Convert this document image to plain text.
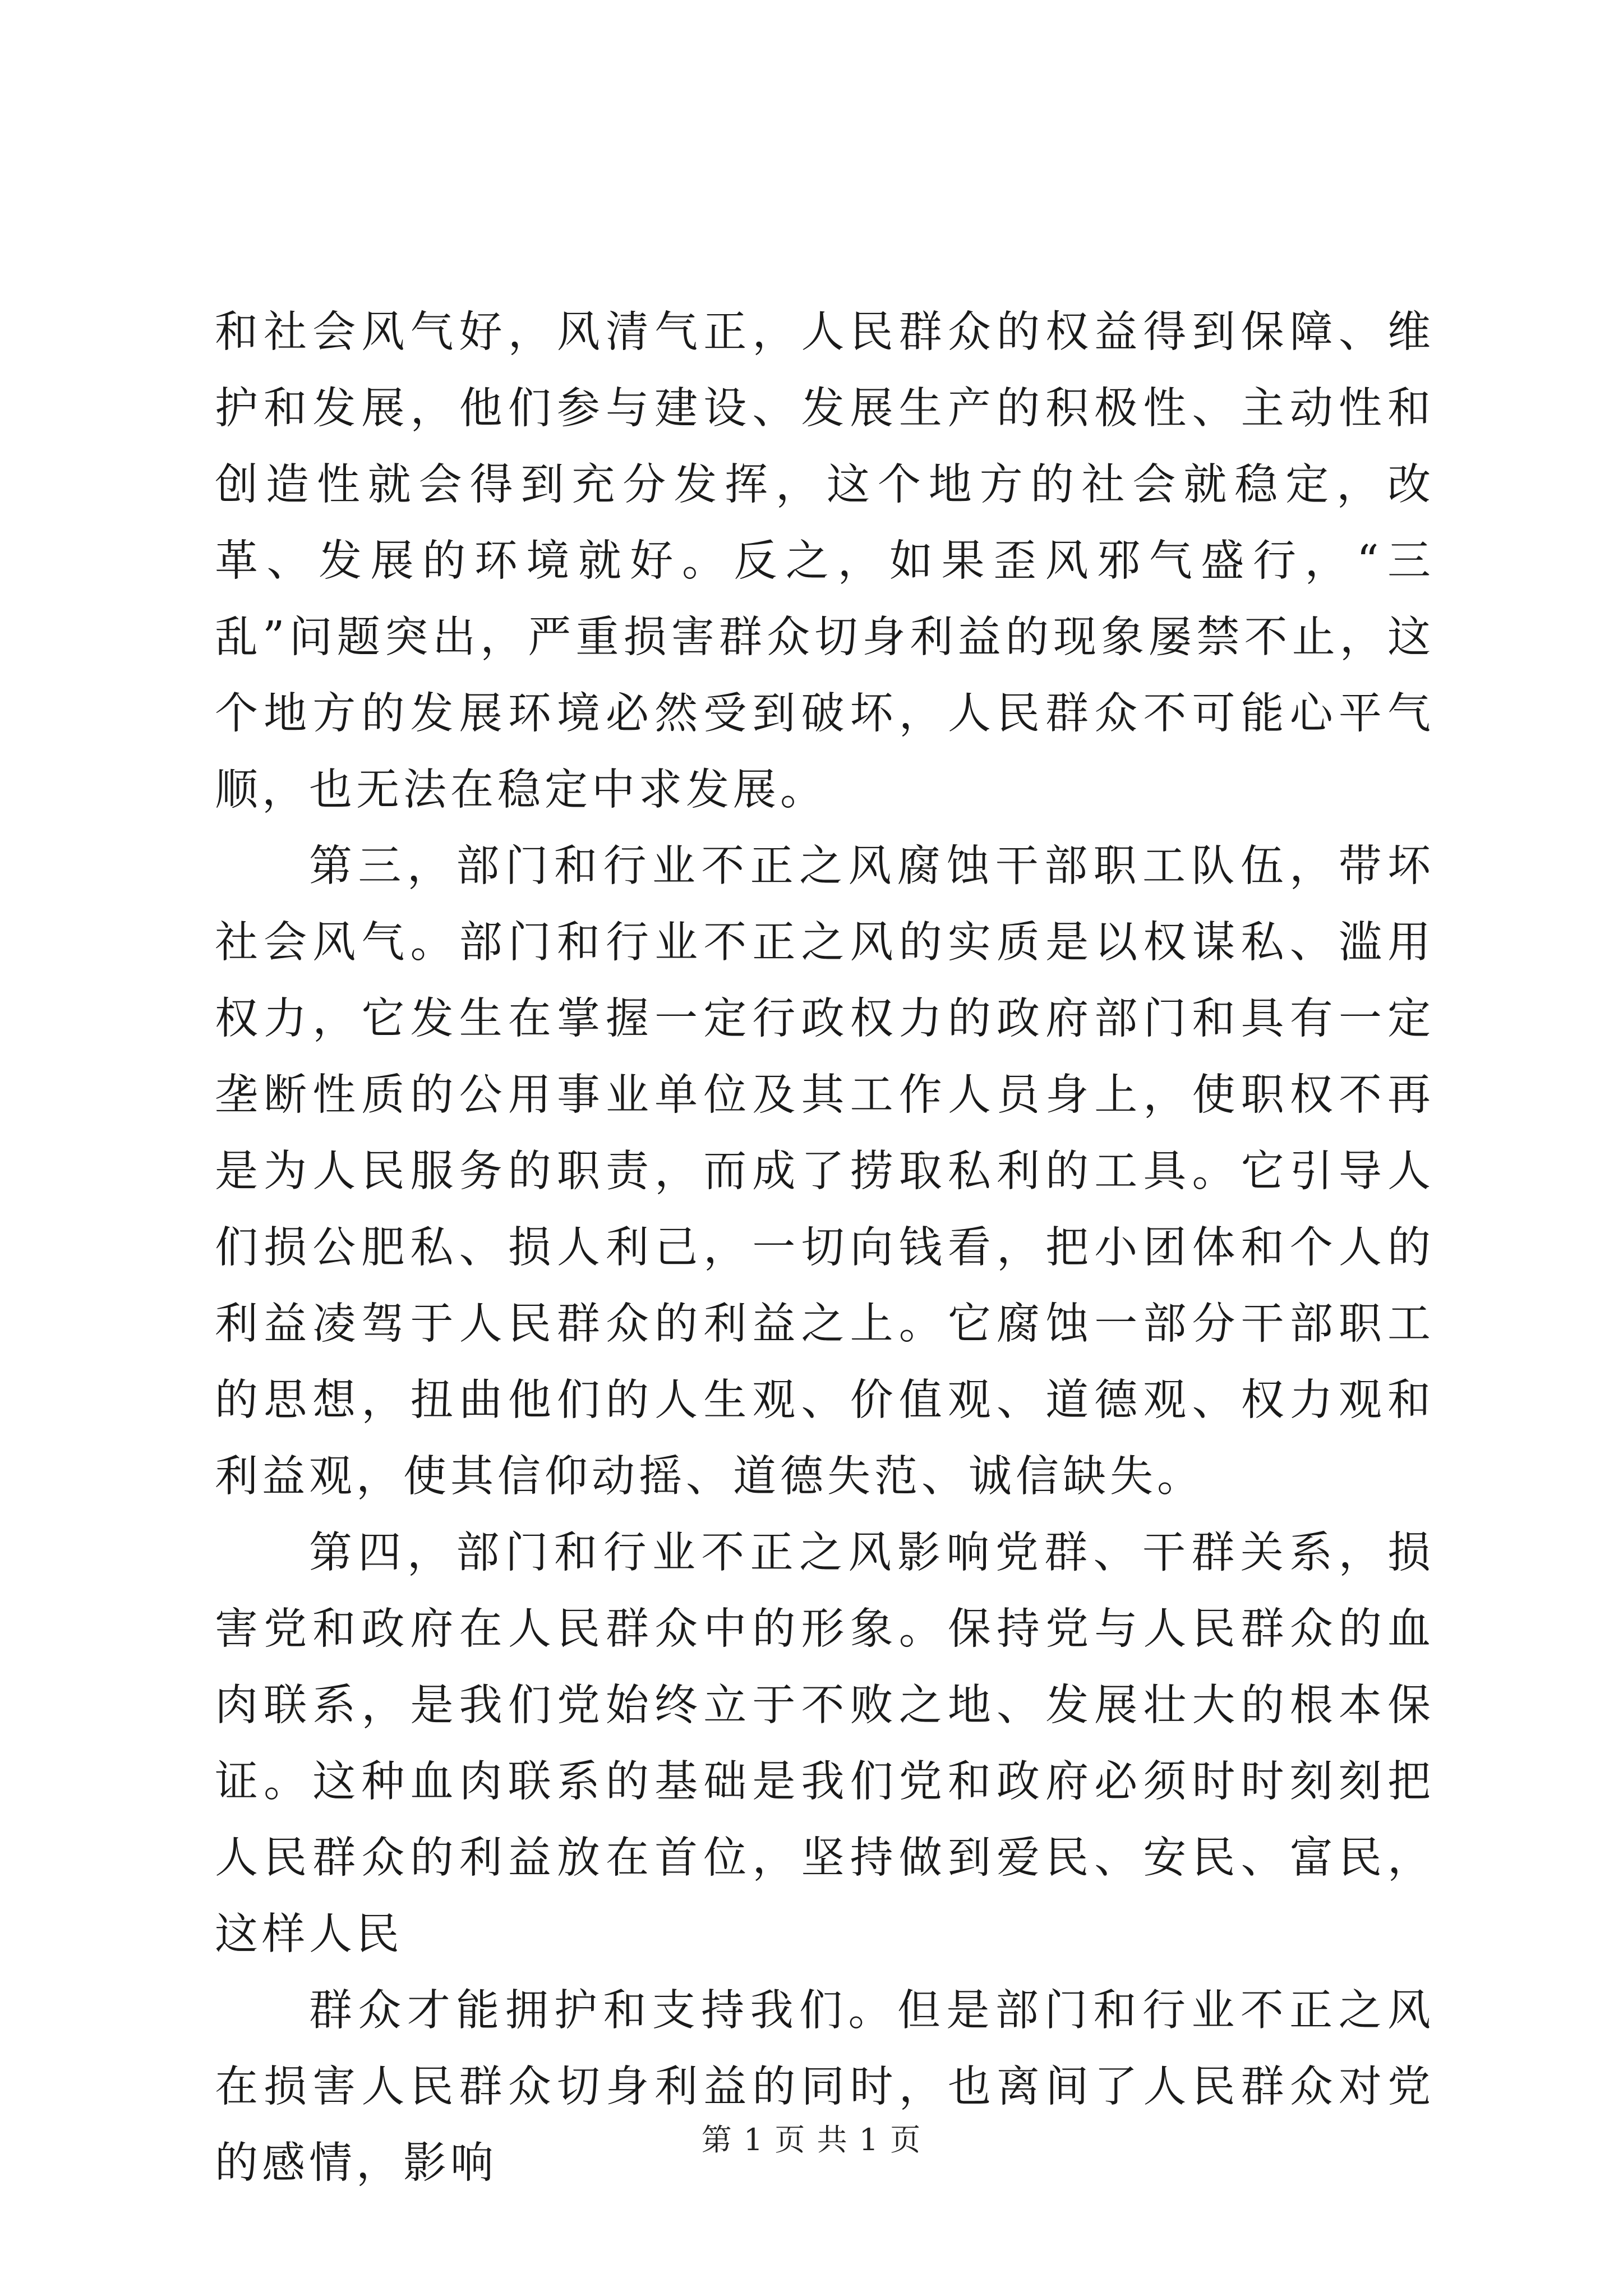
和社会风气好，风清气正，人民群众的权益得到保障、维护和发展，他们参与建设、发展生产的积极性、主动性和创造性就会得到充分发挥，这个地方的社会就稳定，改革、发展的环境就好。反之，如果歪风邪气盛行，“三乱”问题突出，严重损害群众切身利益的现象屡禁不止，这个地方的发展环境必然受到破坏，人民群众不可能心平气顺，也无法在稳定中求发展。

第三，部门和行业不正之风腐蚀干部职工队伍，带坏社会风气。部门和行业不正之风的实质是以权谋私、滥用权力，它发生在掌握一定行政权力的政府部门和具有一定垄断性质的公用事业单位及其工作人员身上，使职权不再是为人民服务的职责，而成了捞取私利的工具。它引导人们损公肥私、损人利己，一切向钱看，把小团体和个人的利益凌驾于人民群众的利益之上。它腐蚀一部分干部职工的思想，扭曲他们的人生观、价值观、道德观、权力观和利益观，使其信仰动摇、道德失范、诚信缺失。

第四，部门和行业不正之风影响党群、干群关系，损害党和政府在人民群众中的形象。保持党与人民群众的血肉联系，是我们党始终立于不败之地、发展壮大的根本保证。这种血肉联系的基础是我们党和政府必须时时刻刻把人民群众的利益放在首位，坚持做到爱民、安民、富民，这样人民

群众才能拥护和支持我们。但是部门和行业不正之风在损害人民群众切身利益的同时，也离间了人民群众对党的感情，影响	第 1 页 共 1 页
